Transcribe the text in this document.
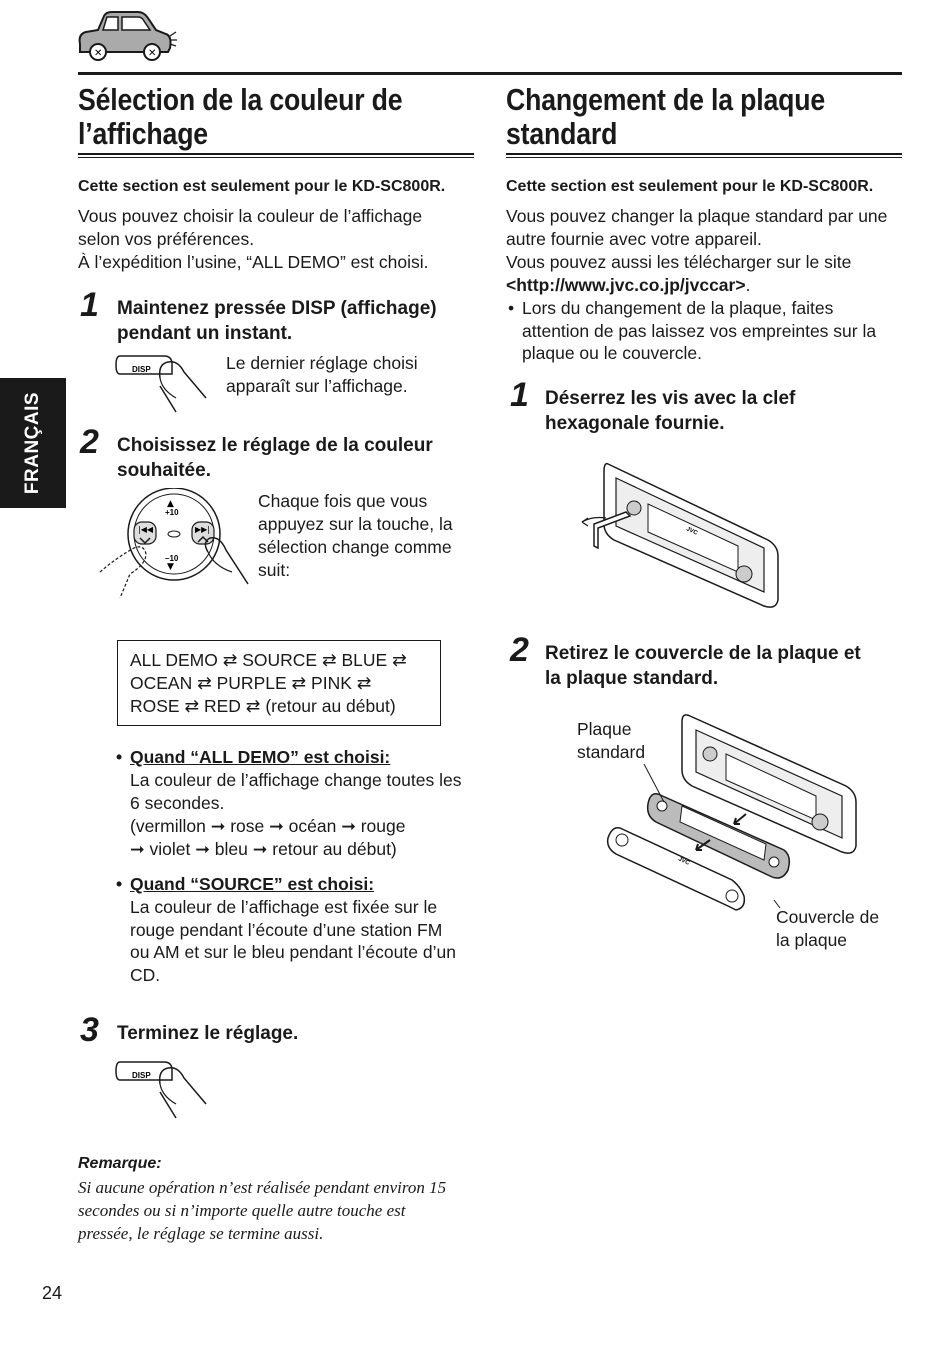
✕	✕
Sélection de la couleur de
l’affichage
Changement de la plaque
standard
FRANÇAIS
Cette section est seulement pour le KD-SC800R.
Vous pouvez choisir la couleur de l’affichage
selon vos préférences.
À l’expédition l’usine, “ALL DEMO” est choisi.
1 Maintenez pressée DISP (affichage)
pendant un instant.
DISP	Le dernier réglage choisi
apparaît sur l’affichage.
2 Choisissez le réglage de la couleur
souhaitée.
▲
+10
▼
–10
|◀◀	▶▶|
Chaque fois que vous
appuyez sur la touche, la
sélection change comme
suit:
ALL DEMO ⇄ SOURCE ⇄ BLUE ⇄
OCEAN ⇄ PURPLE ⇄ PINK ⇄
ROSE ⇄ RED ⇄ (retour au début)
• Quand “ALL DEMO” est choisi:
La couleur de l’affichage change toutes les
6 secondes.
(vermillon ➞ rose ➞ océan ➞ rouge
➞ violet ➞ bleu ➞ retour au début)
• Quand “SOURCE” est choisi:
La couleur de l’affichage est fixée sur le
rouge pendant l’écoute d’une station FM
ou AM et sur le bleu pendant l’écoute d’un
CD.
3 Terminez le réglage.
DISP
Remarque:
Si aucune opération n’est réalisée pendant environ 15
secondes ou si n’importe quelle autre touche est
pressée, le réglage se termine aussi.
Cette section est seulement pour le KD-SC800R.
Vous pouvez changer la plaque standard par une
autre fournie avec votre appareil.
Vous pouvez aussi les télécharger sur le site
<http://www.jvc.co.jp/jvccar>.
• Lors du changement de la plaque, faites
attention de pas laissez vos empreintes sur la
plaque ou le couvercle.
1 Déserrez les vis avec la clef
hexagonale fournie.
JVC
2 Retirez le couvercle de la plaque et
la plaque standard.
Plaque
standard
JVC
Couvercle de
la plaque
24
